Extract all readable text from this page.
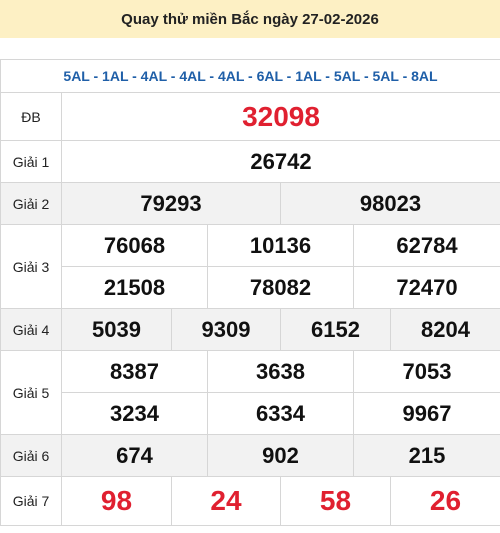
Quay thử miền Bắc ngày 27-02-2026
5AL - 1AL - 4AL - 4AL - 4AL - 6AL - 1AL - 5AL - 5AL - 8AL						
ĐB	32098					
Giải 1	26742					
Giải 2	79293			98023		
Giải 3	76068		10136		62784	
	21508		78082		72470	
Giải 4	5039	9309		6152		8204
Giải 5	8387		3638		7053	
	3234		6334		9967	
Giải 6	674		902		215	
Giải 7	98	24		58		26
